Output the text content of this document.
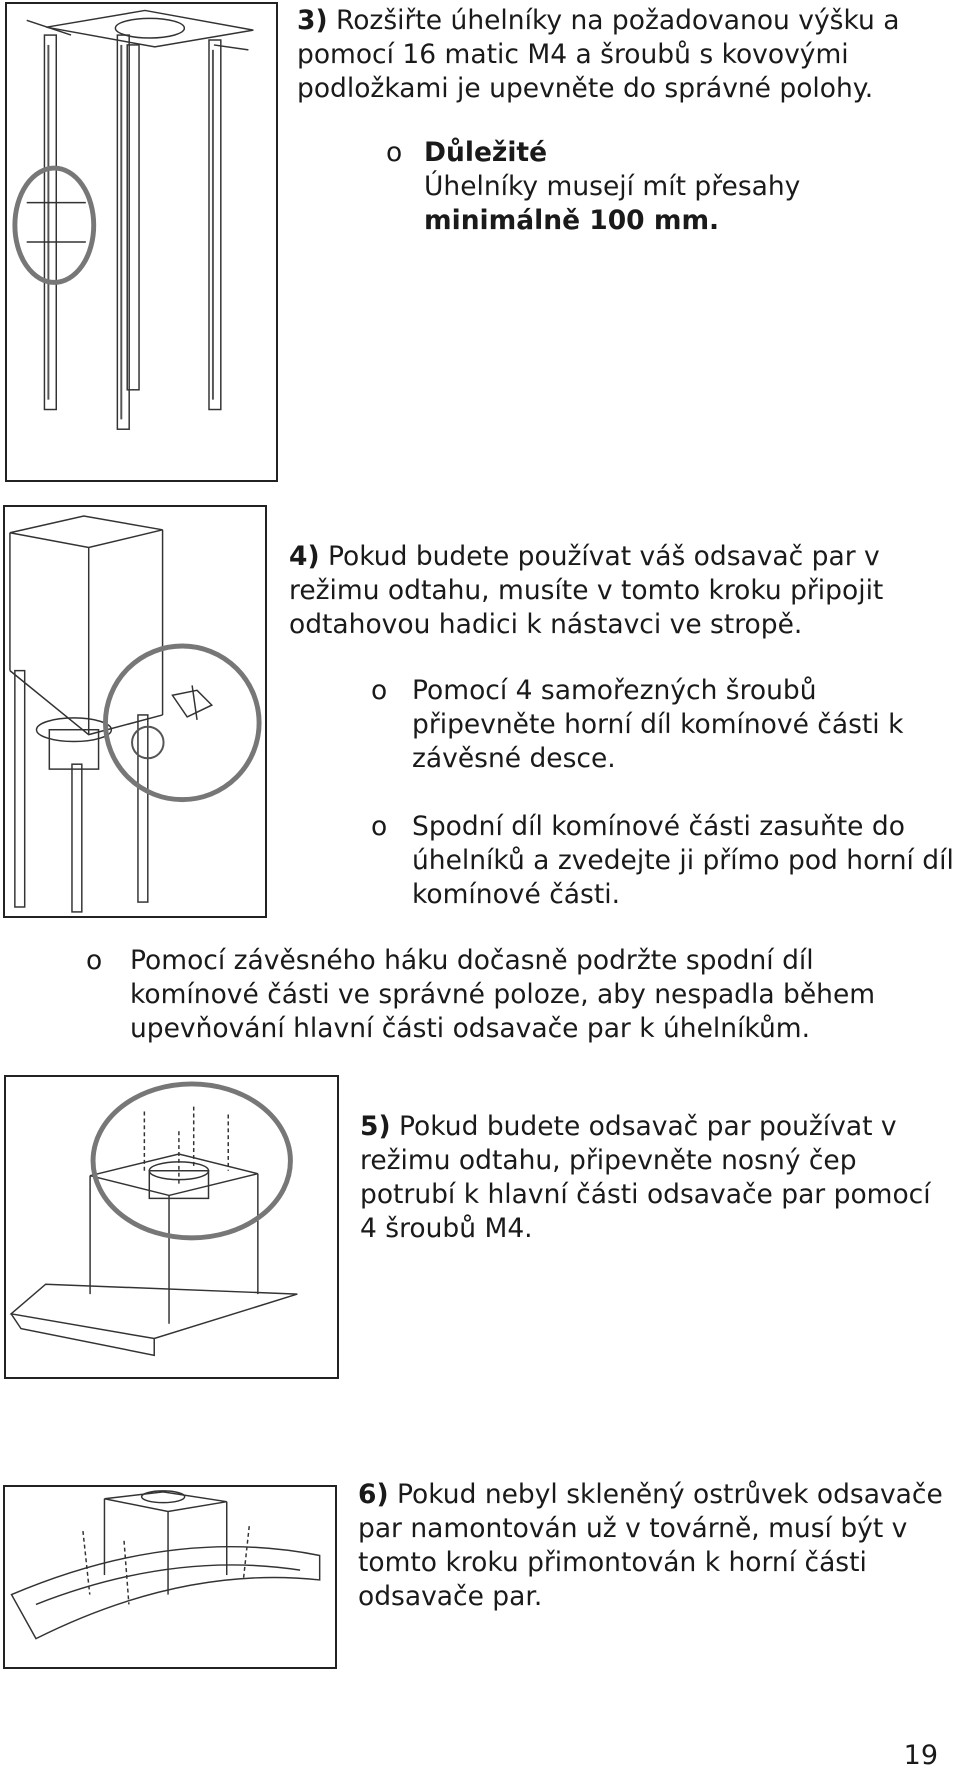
3) Rozšiřte úhelníky na požadovanou výšku a pomocí 16 matic M4 a šroubů s kovovými podložkami je upevněte do správné polohy.
o Důležité

Úhelníky musejí mít přesahy

minimálně 100 mm.

4) Pokud budete používat váš odsavač par v režimu odtahu, musíte v tomto kroku připojit odtahovou hadici k nástavci ve stropě.
o Pomocí 4 samořezných šroubů připevněte horní díl komínové části k závěsné desce.
o Spodní díl komínové části zasuňte do úhelníků a zvedejte ji přímo pod horní díl komínové části.
o Pomocí závěsného háku dočasně podržte spodní díl komínové části ve správné poloze, aby nespadla během upevňování hlavní části odsavače par k úhelníkům.
5) Pokud budete odsavač par používat v režimu odtahu, připevněte nosný čep potrubí k hlavní části odsavače par pomocí 4 šroubů M4.
6) Pokud nebyl skleněný ostrůvek odsavače par namontován už v továrně, musí být v tomto kroku přimontován k horní části odsavače par.
19
